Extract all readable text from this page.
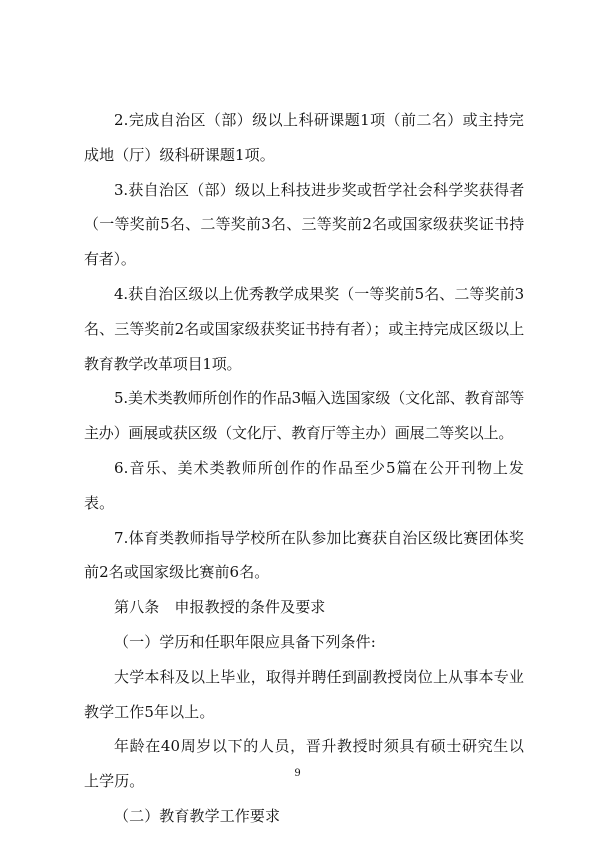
2.完成自治区（部）级以上科研课题1项（前二名）或主持完成地（厅）级科研课题1项。

3.获自治区（部）级以上科技进步奖或哲学社会科学奖获得者（一等奖前5名、二等奖前3名、三等奖前2名或国家级获奖证书持有者）。

4.获自治区级以上优秀教学成果奖（一等奖前5名、二等奖前3名、三等奖前2名或国家级获奖证书持有者）；或主持完成区级以上教育教学改革项目1项。

5.美术类教师所创作的作品3幅入选国家级（文化部、教育部等主办）画展或获区级（文化厅、教育厅等主办）画展二等奖以上。

6.音乐、美术类教师所创作的作品至少5篇在公开刊物上发表。

7.体育类教师指导学校所在队参加比赛获自治区级比赛团体奖前2名或国家级比赛前6名。

第八条　申报教授的条件及要求

（一）学历和任职年限应具备下列条件:

大学本科及以上毕业，取得并聘任到副教授岗位上从事本专业教学工作5年以上。

年龄在40周岁以下的人员，晋升教授时须具有硕士研究生以上学历。

（二）教育教学工作要求

9
